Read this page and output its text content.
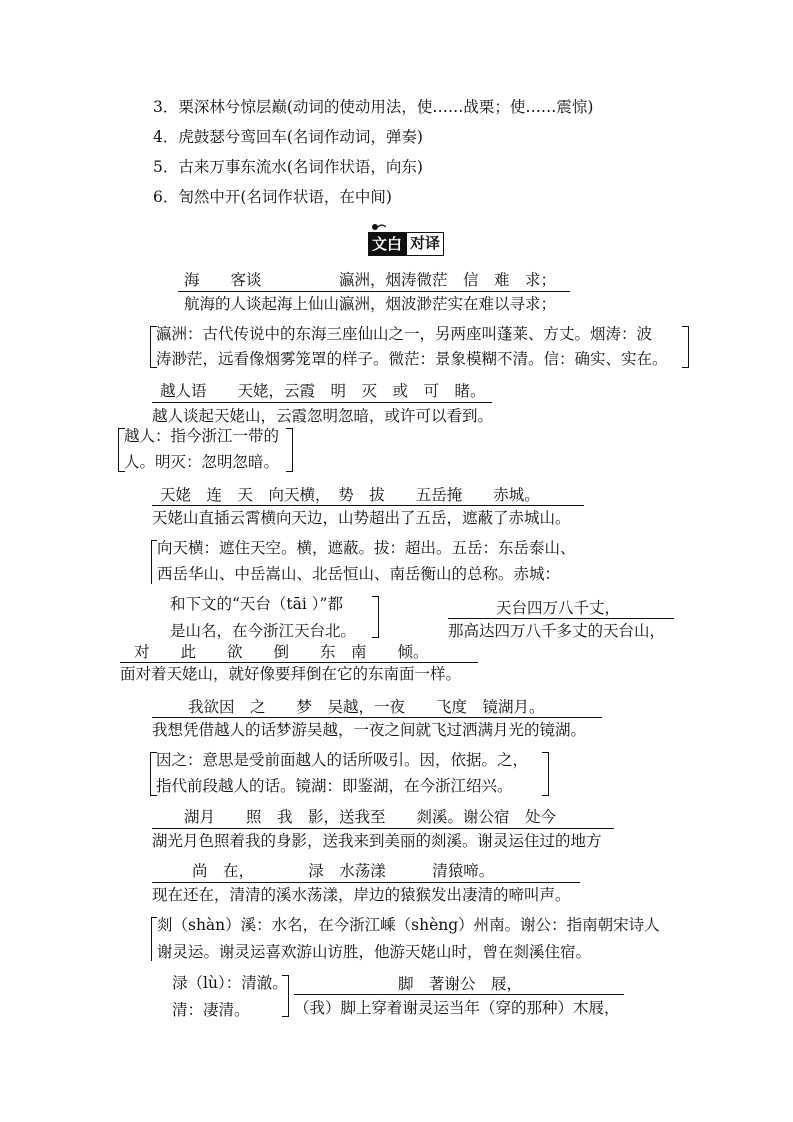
3．栗深林兮惊层巅(动词的使动用法，使……战栗；使……震惊)
4．虎鼓瑟兮鸾回车(名词作动词，弹奏)
5．古来万事东流水(名词作状语，向东)
6．訇然中开(名词作状语，在中间)
文白 对译
海　　客谈　　　　　瀛洲，烟涛微茫　信　难　求；
航海的人谈起海上仙山瀛洲，烟波渺茫实在难以寻求；
瀛洲：古代传说中的东海三座仙山之一，另两座叫蓬莱、方丈。烟涛：波
涛渺茫，远看像烟雾笼罩的样子。微茫：景象模糊不清。信：确实、实在。
越人语　　天姥，云霞　明　灭　或　可　睹。
越人谈起天姥山，云霞忽明忽暗，或许可以看到。
越人：指今浙江一带的
人。明灭：忽明忽暗。
天姥　连　天　向天横，　势　拔　　五岳掩　　赤城。
天姥山直插云霄横向天边，山势超出了五岳，遮蔽了赤城山。
向天横：遮住天空。横，遮蔽。拔：超出。五岳：东岳泰山、
西岳华山、中岳嵩山、北岳恒山、南岳衡山的总称。赤城：
和下文的“天台（tāi ）”都
是山名，在今浙江天台北。
天台四万八千丈，
那高达四万八千多丈的天台山，
对　　此　　欲　　倒　　东　南　　倾。
面对着天姥山，就好像要拜倒在它的东南面一样。
我欲因　之　　梦　吴越，一夜　　飞度　镜湖月。
我想凭借越人的话梦游吴越，一夜之间就飞过洒满月光的镜湖。
因之：意思是受前面越人的话所吸引。因，依据。之，
指代前段越人的话。镜湖：即鉴湖，在今浙江绍兴。
湖月　　照　我　影，送我至　　剡溪。谢公宿　处今
湖光月色照着我的身影，送我来到美丽的剡溪。谢灵运住过的地方
尚　在，　　　　渌　水荡漾　　　清猿啼。
现在还在，清清的溪水荡漾，岸边的猿猴发出凄清的啼叫声。
剡（shàn）溪：水名，在今浙江嵊（shèng）州南。谢公：指南朝宋诗人
谢灵运。谢灵运喜欢游山访胜，他游天姥山时，曾在剡溪住宿。
渌（lù）：清澈。
清：凄清。
脚　著谢公　屐，
（我）脚上穿着谢灵运当年（穿的那种）木屐，
